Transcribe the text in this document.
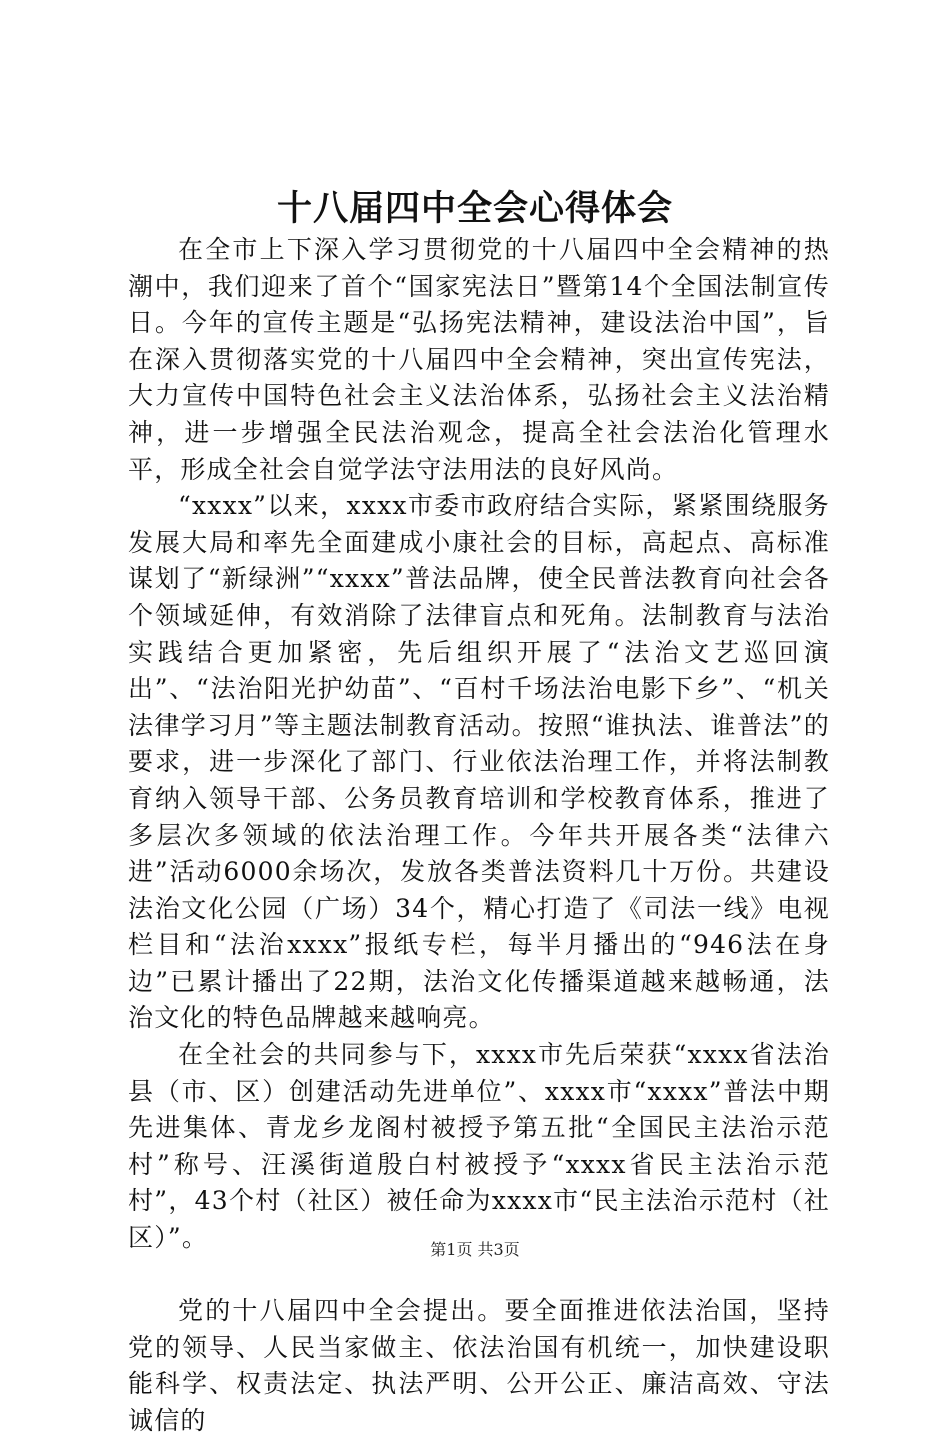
十八届四中全会心得体会

在全市上下深入学习贯彻党的十八届四中全会精神的热潮中，我们迎来了首个“国家宪法日”暨第14个全国法制宣传日。今年的宣传主题是“弘扬宪法精神，建设法治中国”，旨在深入贯彻落实党的十八届四中全会精神，突出宣传宪法，大力宣传中国特色社会主义法治体系，弘扬社会主义法治精神，进一步增强全民法治观念，提高全社会法治化管理水平，形成全社会自觉学法守法用法的良好风尚。

“xxxx”以来，xxxx市委市政府结合实际，紧紧围绕服务发展大局和率先全面建成小康社会的目标，高起点、高标准谋划了“新绿洲”“xxxx”普法品牌，使全民普法教育向社会各个领域延伸，有效消除了法律盲点和死角。法制教育与法治实践结合更加紧密，先后组织开展了“法治文艺巡回演出”、“法治阳光护幼苗”、“百村千场法治电影下乡”、“机关法律学习月”等主题法制教育活动。按照“谁执法、谁普法”的要求，进一步深化了部门、行业依法治理工作，并将法制教育纳入领导干部、公务员教育培训和学校教育体系，推进了多层次多领域的依法治理工作。今年共开展各类“法律六进”活动6000余场次，发放各类普法资料几十万份。共建设法治文化公园（广场）34个，精心打造了《司法一线》电视栏目和“法治xxxx”报纸专栏，每半月播出的“946法在身边”已累计播出了22期，法治文化传播渠道越来越畅通，法治文化的特色品牌越来越响亮。

在全社会的共同参与下，xxxx市先后荣获“xxxx省法治县（市、区）创建活动先进单位”、xxxx市“xxxx”普法中期先进集体、青龙乡龙阁村被授予第五批“全国民主法治示范村”称号、汪溪街道殷白村被授予“xxxx省民主法治示范村”，43个村（社区）被任命为xxxx市“民主法治示范村（社区）”。

党的十八届四中全会提出。要全面推进依法治国，坚持党的领导、人民当家做主、依法治国有机统一，加快建设职能科学、权责法定、执法严明、公开公正、廉洁高效、守法诚信的

第1页 共3页
